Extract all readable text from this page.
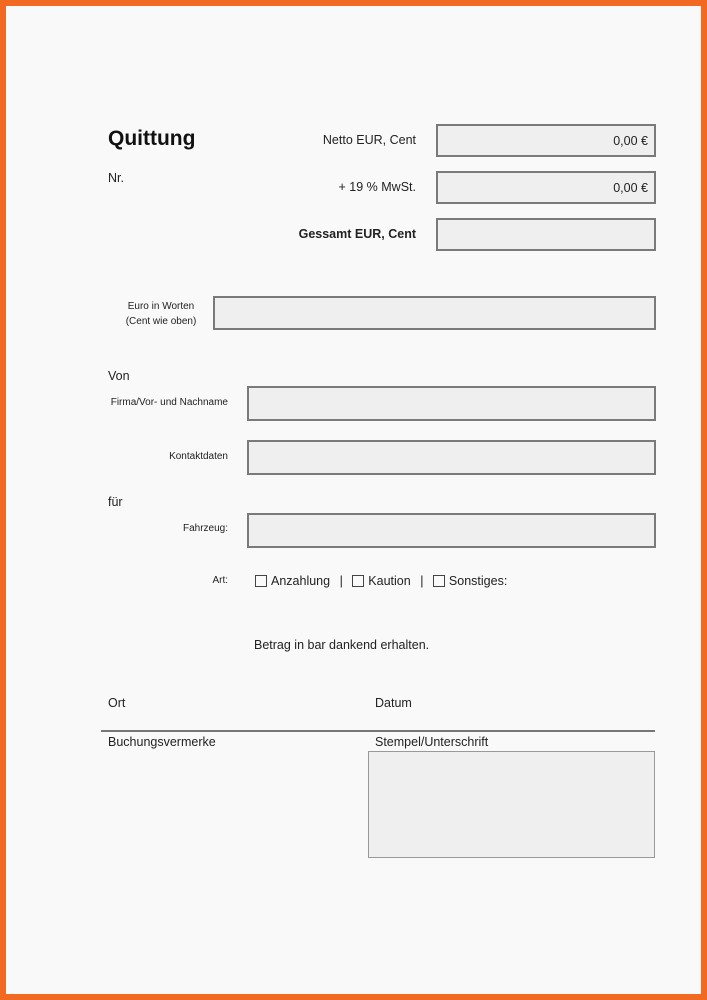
Quittung
Nr.
Netto EUR, Cent	0,00 €
+ 19 % MwSt.	0,00 €
Gessamt EUR, Cent
Euro in Worten
(Cent wie oben)
Von
Firma/Vor- und Nachname
Kontaktdaten
für
Fahrzeug:
Art:	Anzahlung | Kaution | Sonstiges:
Betrag in bar dankend erhalten.
Ort	Datum
Buchungsvermerke	Stempel/Unterschrift
